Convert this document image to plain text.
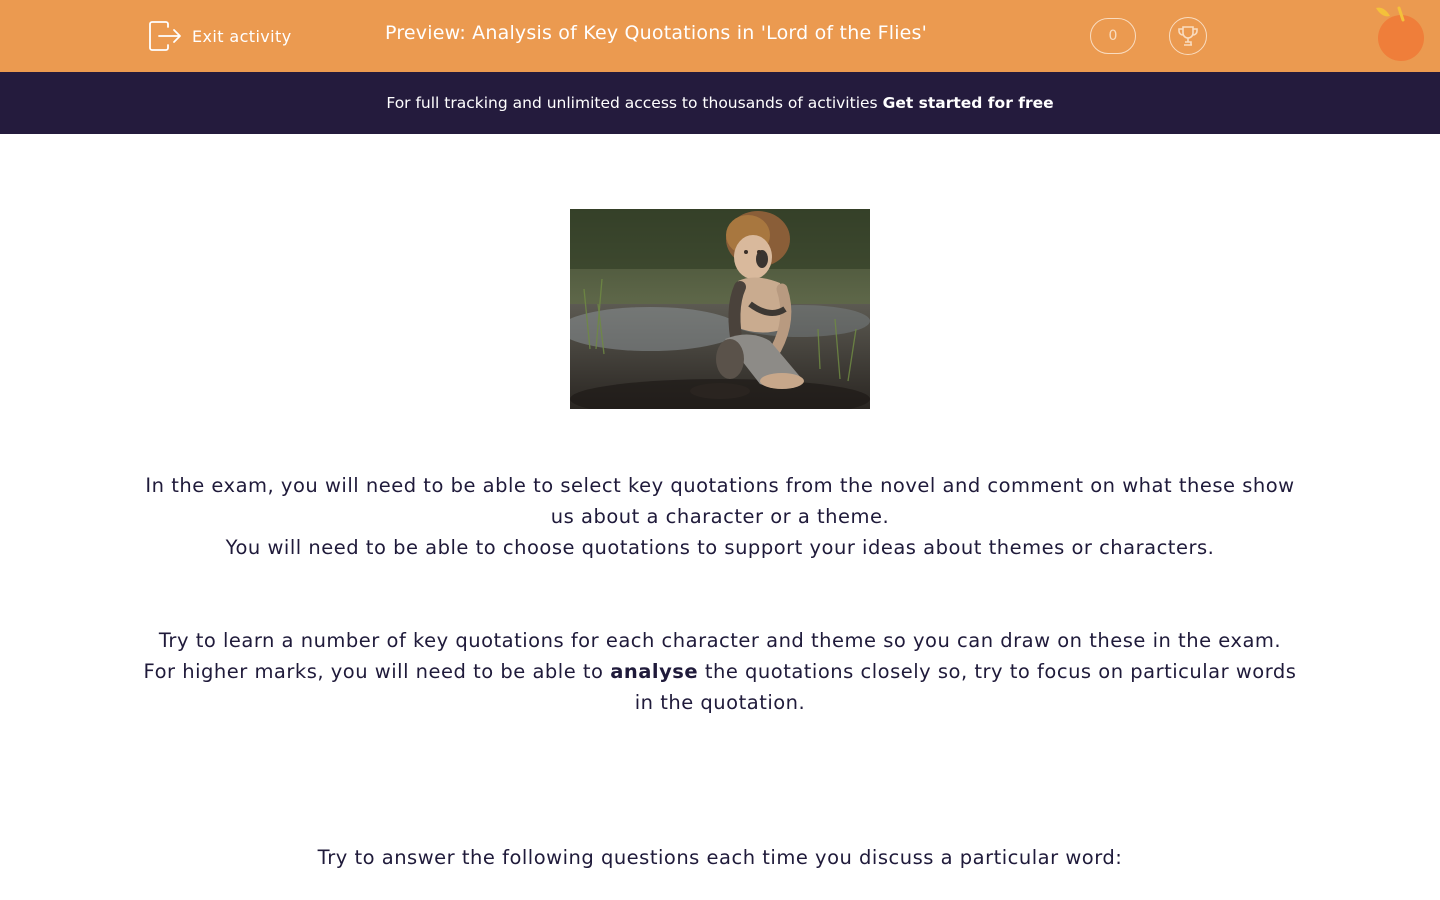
Exit activity	Preview: Analysis of Key Quotations in 'Lord of the Flies'	0
For full tracking and unlimited access to thousands of activities Get started for free
In the exam, you will need to be able to select key quotations from the novel and comment on what these show us about a character or a theme.
You will need to be able to choose quotations to support your ideas about themes or characters.
Try to learn a number of key quotations for each character and theme so you can draw on these in the exam.
For higher marks, you will need to be able to analyse the quotations closely so, try to focus on particular words in the quotation.
Try to answer the following questions each time you discuss a particular word:
